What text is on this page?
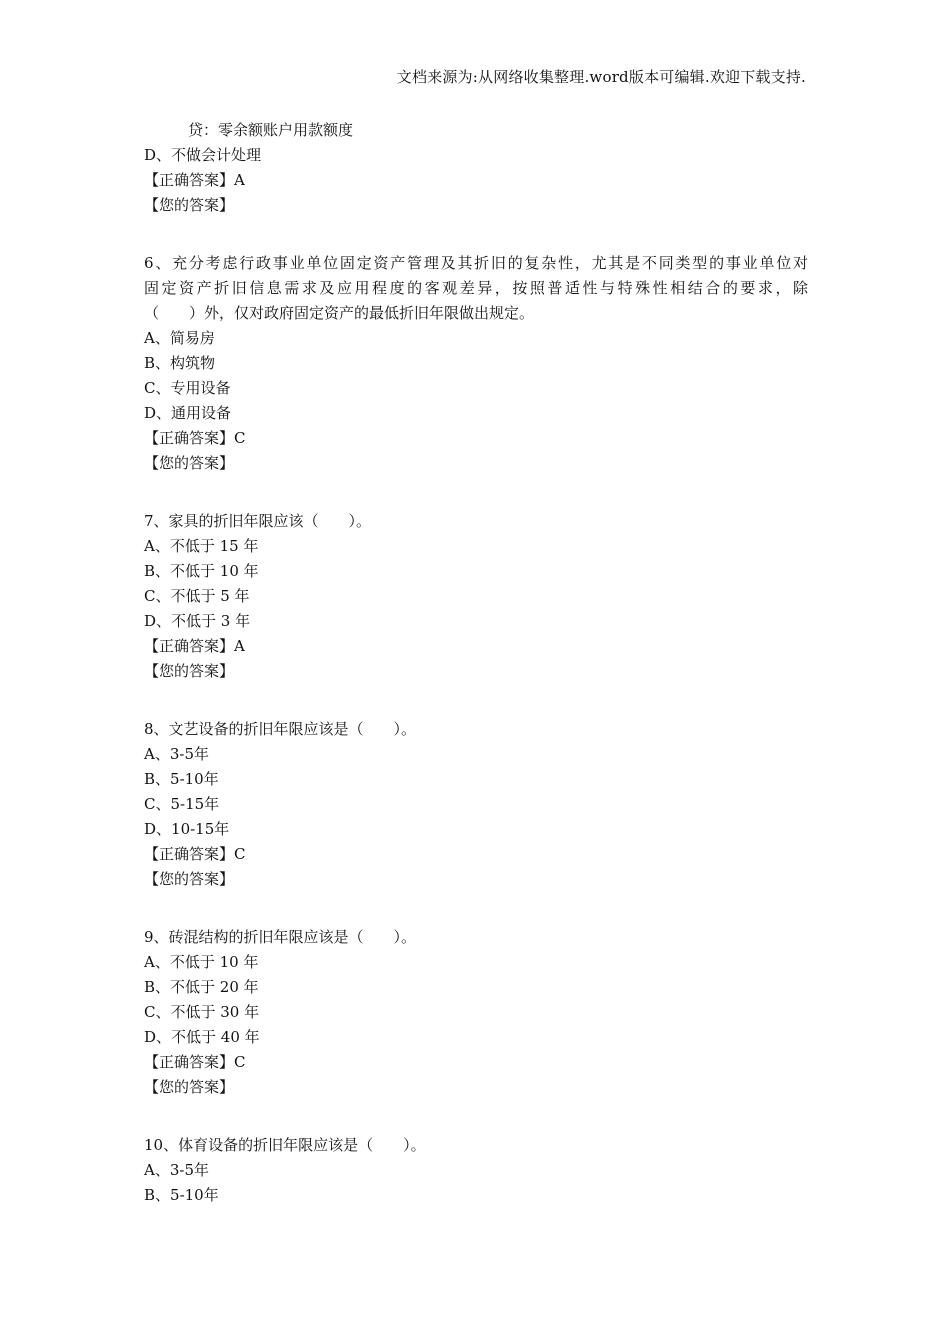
文档来源为:从网络收集整理.word版本可编辑.欢迎下载支持.
贷：零余额账户用款额度
D、不做会计处理
【正确答案】A
【您的答案】
6、充分考虑行政事业单位固定资产管理及其折旧的复杂性，尤其是不同类型的事业单位对
固定资产折旧信息需求及应用程度的客观差异，按照普适性与特殊性相结合的要求，除
（　　）外，仅对政府固定资产的最低折旧年限做出规定。
A、简易房
B、构筑物
C、专用设备
D、通用设备
【正确答案】C
【您的答案】
7、家具的折旧年限应该（　　）。
A、不低于 15 年
B、不低于 10 年
C、不低于 5 年
D、不低于 3 年
【正确答案】A
【您的答案】
8、文艺设备的折旧年限应该是（　　）。
A、3-5年
B、5-10年
C、5-15年
D、10-15年
【正确答案】C
【您的答案】
9、砖混结构的折旧年限应该是（　　）。
A、不低于 10 年
B、不低于 20 年
C、不低于 30 年
D、不低于 40 年
【正确答案】C
【您的答案】
10、体育设备的折旧年限应该是（　　）。
A、3-5年
B、5-10年
